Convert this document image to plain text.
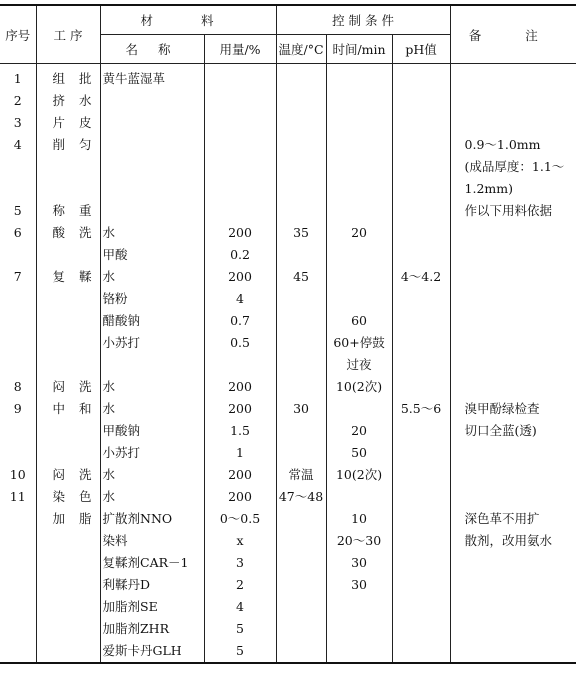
序号	工 序	材 料		控 制 条 件			备 注
		名 称	用量/%	温度/°C	时间/min	pH值	
1	组批	黄牛蓝湿革					
2	挤水						
3	片皮						
4	削匀						0.9～1.0mm
							(成品厚度：1.1～
							1.2mm)
5	称重						作以下用料依据
6	酸洗	水	200	35	20		
		甲酸	0.2				
7	复鞣	水	200	45		4～4.2	
		铬粉	4				
		醋酸钠	0.7		60		
		小苏打	0.5		60+停鼓		
					过夜		
8	闷洗	水	200		10(2次)		
9	中和	水	200	30		5.5～6	溴甲酚绿检查
		甲酸钠	1.5		20		切口全蓝(透)
		小苏打	1		50		
10	闷洗	水	200	常温	10(2次)		
11	染色	水	200	47～48			
	加脂	扩散剂NNO	0～0.5		10		深色革不用扩
		染料	x		20～30		散剂，改用氨水
		复鞣剂CAR－1	3		30		
		利鞣丹D	2		30		
		加脂剂SE	4				
		加脂剂ZHR	5				
		爱斯卡丹GLH	5				
